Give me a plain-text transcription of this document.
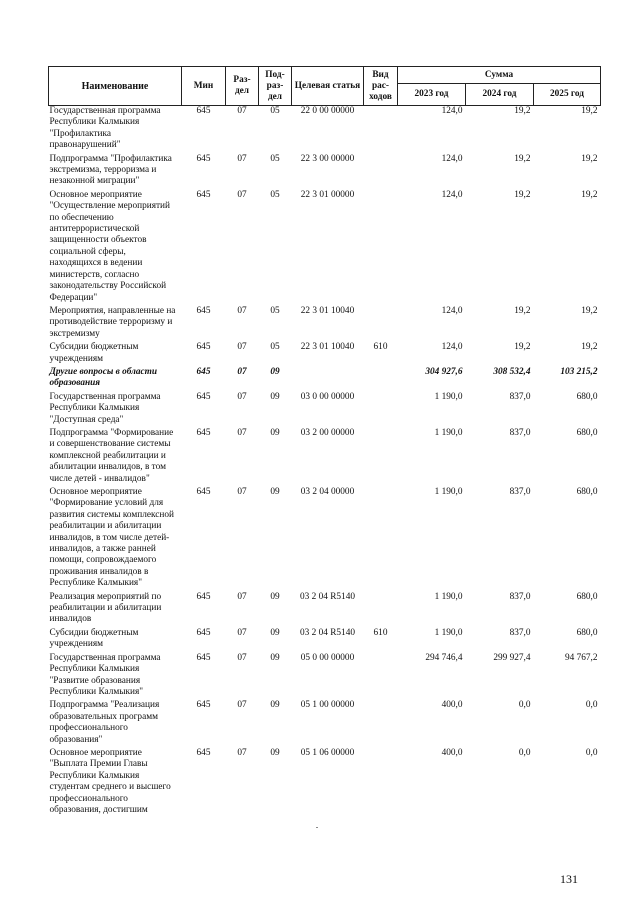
Наименование	Мин	Раз-дел	Под-раз-дел	Целевая статья	Вид рас-ходов	Сумма		
						2023 год	2024 год	2025 год
Государственная программа Республики Калмыкия "Профилактика правонарушений"	645	07	05	22 0 00 00000		124,0	19,2	19,2
Подпрограмма "Профилактика экстремизма, терроризма и незаконной миграции"	645	07	05	22 3 00 00000		124,0	19,2	19,2
Основное мероприятие "Осуществление мероприятий по обеспечению антитеррористической защищенности объектов социальной сферы, находящихся в ведении министерств, согласно законодательству Российской Федерации"	645	07	05	22 3 01 00000		124,0	19,2	19,2
Мероприятия, направленные на противодействие терроризму и экстремизму	645	07	05	22 3 01 10040		124,0	19,2	19,2
Субсидии бюджетным учреждениям	645	07	05	22 3 01 10040	610	124,0	19,2	19,2
Другие вопросы в области образования	645	07	09			304 927,6	308 532,4	103 215,2
Государственная программа Республики Калмыкия "Доступная среда"	645	07	09	03 0 00 00000		1 190,0	837,0	680,0
Подпрограмма "Формирование и совершенствование системы комплексной реабилитации и абилитации инвалидов, в том числе детей - инвалидов"	645	07	09	03 2 00 00000		1 190,0	837,0	680,0
Основное мероприятие "Формирование условий для развития системы комплексной реабилитации и абилитации инвалидов, в том числе детей-инвалидов, а также ранней помощи, сопровождаемого проживания инвалидов в Республике Калмыкия"	645	07	09	03 2 04 00000		1 190,0	837,0	680,0
Реализация мероприятий по реабилитации и абилитации инвалидов	645	07	09	03 2 04 R5140		1 190,0	837,0	680,0
Субсидии бюджетным учреждениям	645	07	09	03 2 04 R5140	610	1 190,0	837,0	680,0
Государственная программа Республики Калмыкия "Развитие образования Республики Калмыкия"	645	07	09	05 0 00 00000		294 746,4	299 927,4	94 767,2
Подпрограмма "Реализация образовательных программ профессионального образования"	645	07	09	05 1 00 00000		400,0	0,0	0,0
Основное мероприятие "Выплата Премии Главы Республики Калмыкия студентам среднего и высшего профессионального образования, достигшим	645	07	09	05 1 06 00000		400,0	0,0	0,0
131
